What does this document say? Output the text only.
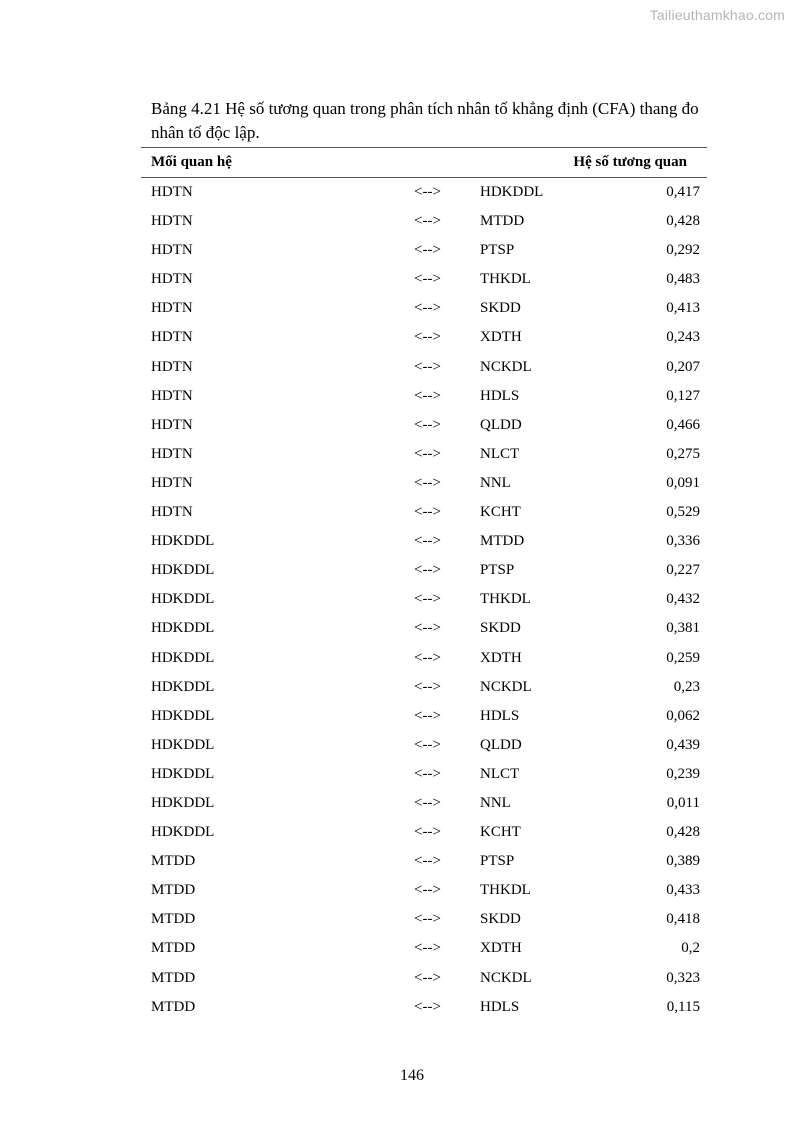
Tailieuthamkhao.com
Bảng 4.21 Hệ số tương quan trong phân tích nhân tố khẳng định (CFA) thang đo nhân tố độc lập.
Mối quan hệ	Hệ số tương quan
HDTN	<-->	HDKDDL	0,417
HDTN	<-->	MTDD	0,428
HDTN	<-->	PTSP	0,292
HDTN	<-->	THKDL	0,483
HDTN	<-->	SKDD	0,413
HDTN	<-->	XDTH	0,243
HDTN	<-->	NCKDL	0,207
HDTN	<-->	HDLS	0,127
HDTN	<-->	QLDD	0,466
HDTN	<-->	NLCT	0,275
HDTN	<-->	NNL	0,091
HDTN	<-->	KCHT	0,529
HDKDDL	<-->	MTDD	0,336
HDKDDL	<-->	PTSP	0,227
HDKDDL	<-->	THKDL	0,432
HDKDDL	<-->	SKDD	0,381
HDKDDL	<-->	XDTH	0,259
HDKDDL	<-->	NCKDL	0,23
HDKDDL	<-->	HDLS	0,062
HDKDDL	<-->	QLDD	0,439
HDKDDL	<-->	NLCT	0,239
HDKDDL	<-->	NNL	0,011
HDKDDL	<-->	KCHT	0,428
MTDD	<-->	PTSP	0,389
MTDD	<-->	THKDL	0,433
MTDD	<-->	SKDD	0,418
MTDD	<-->	XDTH	0,2
MTDD	<-->	NCKDL	0,323
MTDD	<-->	HDLS	0,115
146
